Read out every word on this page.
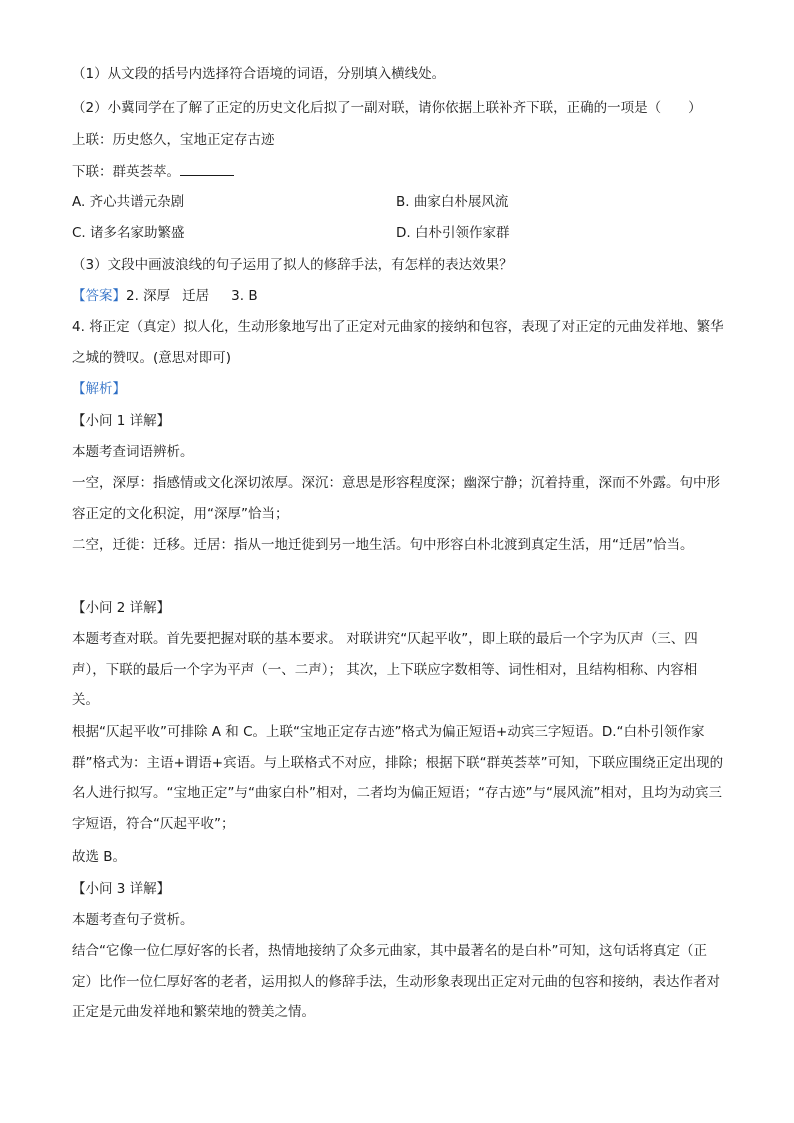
（1）从文段的括号内选择符合语境的词语，分别填入横线处。
（2）小冀同学在了解了正定的历史文化后拟了一副对联，请你依据上联补齐下联，正确的一项是（　　）
上联：历史悠久，宝地正定存古迹
下联：群英荟萃。
A. 齐心共谱元杂剧	B. 曲家白朴展风流
C. 诸多名家助繁盛	D. 白朴引领作家群
（3）文段中画波浪线的句子运用了拟人的修辞手法，有怎样的表达效果？
【答案】2. 深厚 迁居 3. B
4. 将正定（真定）拟人化，生动形象地写出了正定对元曲家的接纳和包容，表现了对正定的元曲发祥地、繁华之城的赞叹。(意思对即可)
【解析】
【小问 1 详解】
本题考查词语辨析。
一空，深厚：指感情或文化深切浓厚。深沉：意思是形容程度深；幽深宁静；沉着持重，深而不外露。句中形容正定的文化积淀，用“深厚”恰当；
二空，迁徙：迁移。迁居：指从一地迁徙到另一地生活。句中形容白朴北渡到真定生活，用“迁居”恰当。
【小问 2 详解】
本题考查对联。首先要把握对联的基本要求。 对联讲究“仄起平收”，即上联的最后一个字为仄声（三、四声），下联的最后一个字为平声（一、二声）； 其次，上下联应字数相等、词性相对，且结构相称、内容相关。
根据“仄起平收”可排除 A 和 C。上联“宝地正定存古迹”格式为偏正短语+动宾三字短语。D.“白朴引领作家群”格式为：主语+谓语+宾语。与上联格式不对应，排除；根据下联“群英荟萃”可知，下联应围绕正定出现的名人进行拟写。“宝地正定”与“曲家白朴”相对，二者均为偏正短语；“存古迹”与“展风流”相对，且均为动宾三字短语，符合“仄起平收”；
故选 B。
【小问 3 详解】
本题考查句子赏析。
结合“它像一位仁厚好客的长者，热情地接纳了众多元曲家，其中最著名的是白朴”可知，这句话将真定（正定）比作一位仁厚好客的老者，运用拟人的修辞手法，生动形象表现出正定对元曲的包容和接纳，表达作者对正定是元曲发祥地和繁荣地的赞美之情。
